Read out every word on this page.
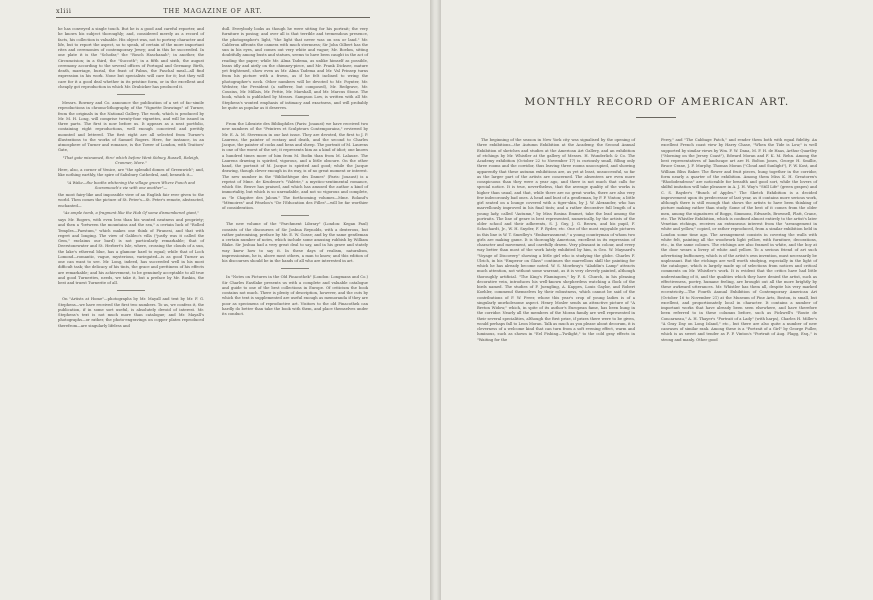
xliii	THE MAGAZINE OF ART.

he has conveyed a single touch. But he is a good and careful reporter, and he knows his subject thoroughly; and, considered merely as a record of facts, his collection is valuable. His object was, not to portray character and life, but to report the aspect, so to speak, of certain of the more important rites and ceremonies of contemporary Jewry; and in this he succeeded. In one plate it is the "Schofar," the "Rosch Haschanah"; in another, the Circumcision; in a third, the "Succoth"; in a fifth and sixth, the august ceremony according to the several offices of Portugal and Germany. Birth, death, marriage, burial, the feast of Palms, the Paschal meal—all find expression in his work. None but specialists will care for it; but they will care for it a good deal whether in its pristine form, or in the excellent and cheaply got reproduction in which Mr. Drabicker has produced it.

Messrs. Rowney and Co. announce the publication of a set of fac-simile reproductions in chromo-lithography of the "Vignette Drawings" of Turner, from the originals in the National Gallery. The work, which is produced by Mr. M. H. Long, will comprise twenty-four vignettes, and will be issued in three parts. The first is now before us. It appears as a neat portfolio, containing eight reproductions, well enough conceived and prettily mounted and lettered. The first eight are all selected from Turner's illustrations to the works of Samuel Rogers. Here, for instance, in an atmosphere of Turner and romance, is the Tower of London, with Traitors' Gate,

"That gate misnamed, thro' which before Went Sidney, Russell, Raleigh, Cranmer, More."

Here, also, a corner of Venice, are "the splendid domes of Greenwich"; and, like nothing earthly, the spire of Salisbury Cathedral, and, beneath it—

"A Wake—the booths whitening the village green Where Punch and Scaramouch's vie with one another"—

the most fairy-like and impossible view of an English fair ever given to the world. Then comes the picture of St. Peter's—St. Peter's remote, abstracted, enchanted—

"As ample tomb, a fragment like the Hub Of some dismembered giant,"

says Mr. Rogers, with even less than his wonted neatness and propriety; and then a "between the mountains and the sea," a certain luck of "Rolled Temples—Paestum," which makes one think of Piranesi, and that with regret and longing. The view of Galileo's villa ("justly was it called the Gem," exclaims our bard) is not particularly remarkable; that of Deerstonewater and St. Herbert's Isle, where, crossing the clouds of a sun, the lake's ethereal blue, has a glamour hard to equal; while that of Loch Lomond—romantic, vague, mysterious, variegated—is as good Turner as one can want to see. Mr. Long, indeed, has succeeded well in his most difficult task; the delicacy of his tints, the grace and prettiness of his effects are remarkable; and his achievement, to be genuinely acceptable to all true and good Turnerites, needs, we take it, but a preface by Mr. Ruskin, the best and truest Turnerite of all.

On "Artists at Home"—photographs by Mr. Mayall and text by Mr. F. G. Stephens—we have received the first two numbers. To us, we confess it, the publication, if in some sort useful, is absolutely devoid of interest. Mr. Stephens's text is not much more than catalogue; and Mr. Mayall's photographs—or rather, the photo-engravings on copper plates reproduced therefrom—are singularly lifeless and

dull. Everybody looks as though he were sitting for his portrait; the very furniture is posing; and over all is that terrible and tremendous presence, the photographer's light, "the light that never was on sea or land." Mr. Calderon affronts the camera with much sternness; Sir John Gilbert has the sun in his eyes, and comes out very white and vague; Mr. Boehm, sitting doubtfully among busts and statues, seems to have been caught in the act of reading the paper; while Mr. Alma Tadema, as unlike himself as possible, leans idly and airily on the chimney-piece, and Mr. Frank Dicksee, mature yet frightened, show even as Mr. Alma Tadema and Mr. Val Prinsep turns from his picture with a frown, as if he felt inclined to wring the photographer's neck. Other numbers will be devoted to Mr. Poynter, Mr. Webster, the President (a sufferer, but composed), Mr. Redgrave, Mr. Cousins, Mr. Millais, Mr. Pettie, Mr. Marshall, and Mr. Marcus Stone. The book, which is published by Messrs. Sampson Low, is written with all Mr. Stephens's wonted emphasis of intimacy and exactness, and will probably be quite as popular as it deserves.

From the Librairie des Bibliophiles (Paris: Jouaust) we have received two new numbers of the "Peintres et Sculpteurs Contemporains," reviewed by Mr. E. A. M. Stevenson in our last issue. They are devoted, the first to J. P. Laurens, the painter of ecstasy and death, and the second to Charles Jacque, the painter of cocks and hens and sheep. The portrait of M. Laurens is one of the worst of the set; it represents him as a kind of idiot; one knows a hundred times more of him from M. Bodin than from M. Lalauze. The Laurens drawing is spirited, vigorous, and a little obscure. On the other hand, the portrait of M. Jacque is spirited and good; while the Jacque drawing, though clever enough in its way, is of no great moment or interest. The new number in the "Bibliothèque des Dames" (Paris: Jouaust) is a reprint of Mme. de Krudener's "Valérie," a mystico-sentimental romance, which Ste. Beuve has praised, and which has amused the author a kind of immortality, but which is so unreadable, and not so vigorous and complete, as "le Chapitre des Jaloux." The forthcoming volumes—Mme. Roland's "Mémoires" and Fénelon's "De l'Education des Filles"—will be far worthier of consideration.

The new volume of the "Parchment Library" (London: Kegan Paul) consists of the discourses of Sir Joshua Reynolds, with a dexterous, but rather patronising, preface by Mr. E. W. Gosse; and by the same gentleman a certain number of notes, which include some amusing rubbish by William Blake. Sir Joshua had a very great deal to say, and in his grave and stately way knew how to say it. In these days of realism, naturalism, impressionism, he is, above most others, a man to know; and this edition of his discourses should be in the hands of all who are interested in art.

In "Notes on Pictures in the Old Pinacothek" (London: Longmans and Co.) Sir Charles Eastlake presents us with a complete and valuable catalogue and guide to one of the best collections in Europe. Of criticism the book contains not much. There is plenty of description, however, and the cuts by which the text is supplemented are useful enough as memoranda if they are poor as specimens of reproductive art. Visitors to the old Pinacothek can hardly do better than take the book with them, and place themselves under its conduct.

MONTHLY RECORD OF AMERICAN ART.

The beginning of the season in New York city was signalised by the opening of three exhibitions—the Autumn Exhibition at the Academy, the Second Annual Exhibition of sketches and studies at the American Art Gallery, and an exhibition of etchings by Mr. Whistler at the gallery of Messrs. H. Wunderlich & Co. The Academy exhibition (October 22 to November 17) is curiously small, filling only three rooms and the corridor, thus leaving three rooms unoccupied, and showing apparently that these autumn exhibitions are, as yet at least, unsuccessful, so far as the larger part of the artists are concerned. The absentees are even more conspicuous than they were a year ago, and there is not much that calls for special notice. It is true, nevertheless, that the average quality of the works is higher than usual, and that, while there are no great works, there are also very few indecorously bad ones. A head and bust of a gentleman, by F. P. Vinton; a little girl seated on a lounge covered with a tiger-skin, by J. W. Alexander, who has marvellously improved in his final tints; and a rather decorative full length of a young lady, called "Autumn," by Miss Rosina Emmet, take the lead among the portraits. The line of genre is best represented, numerically, by the artists of the older school and their adherents, S. J. Guy, J. G. Brown, and his pupil, F. Schuchardt, Jr., W. H. Snyder, F. P. Ryder, etc. One of the most enjoyable pictures in this line is W. T. Smedley's "Embarrassment," a young countryman of whom two girls are making game. It is thoroughly American, excellent in its expression of character and movement, and carefully drawn. Very pleasant in colour, and every way better than most of the work lately exhibited by him, is Geo. W. Maynard's "Voyage of Discovery" showing a little girl who is studying the globe. Charles F. Ulrich, in his "Emperor on Glass" continues the marvellous skill the painting for which he has already become noted. W. S. Mowbray's "Aladdin's Lamp" attracts much attention, not without some warrant, as it is very cleverly painted, although thoroughly artificial. "The King's Flamingoes," by F. S. Church, in his pleasing decorative vein, introduces his well-known shepherdess watching a flock of the birds named. The studies of F. Juengling, A. Kappes, Louis Gaylor, and Robert Koehler, commend themselves by their robustness, which cannot be said of the contributions of F. W. Freer, whose this year's crop of young ladies is of a singularly unwholesome aspect. Henry Mosler sends an attractive picture of "A Breton Widow," which, in spite of its author's European fame, has been hung in the corridor. Nearly all the members of the Moran family are well represented in their several specialities, although the first prize, if prizes there were to be given, would perhaps fall to Leon Moran. Talk as much as you please about decorum, it is cleverness of a welcome kind that can turn from a soft evening effect, warm and luminous, such as shown in "Eel Fishing—Twilight," to the cold gray effects in "Waiting for the

Ferry," and "The Cabbage Patch," and render them both with equal fidelity. An excellent French coast view by Harry Chase, "When the Tide is Low," is well supported by similar views by Wm. F. W. Dana, M. F. H. de Haas, Arthur Quartley ("Morning on the Jersey Coast"), Edward Moran and F. K. M. Rehn. Among the best representatives of landscape art are H. Bolton Jones, George H. Smillie, Bruce Crane, J. F. Murphy, Thomas Moran ("Cloud and Sunlight"), F. W. Kost, and William Bliss Baker. The flower and fruit pieces, hung together in the corridor, form nearly a quarter of the exhibition. Among them Miss K. H. Greatorex's "Rhododendrons" are noticeable for breadth and good sort, while the lovers of skilful imitation will take pleasure in A. J. H. Way's "Still Life" (green grapes) and C. S. Rayder's "Bunch of Apples." The Sketch Exhibition is a decided improvement upon its predecessor of last year, as it contains more serious work, although there is still enough that shows the artists to have been thinking of picture making rather than study. Some of the best of it comes from the older men, among the signatures of Boggs, Simmons, Edwards, Brownell, Platt, Crane, etc. The Whistler Exhibition, which is confined almost entirely to the artist's later Venetian etchings, receives an extraneous interest from the "arrangement in white and yellow," copied, or rather reproduced, from a similar exhibition held in London some time ago. The arrangement consists in covering the walls with white felt, painting all the woodwork light yellow, with furniture, decorations, etc., in the same colours. The etchings are also framed in white, and the boy at the door wears a livery of white and yellow. To a serious friend of art such advertising buffoonery, which is of the artist's own invention, must necessarily be unpleasant. But the etchings are well worth studying, especially in the light of the catalogue, which is largely made up of selections from notices and critical comments on Mr. Whistler's work. It is evident that the critics have had little understanding of it, and the qualities which they have denied the artist, such as effectiveness, poetry, humane feeling, are brought out all the more brightly by these awkward utterances. Mr. Whistler has them all, despite his very marked eccentricity.—The Fourth Annual Exhibition of Contemporary American Art (October 16 to November 21) at the Museum of Fine Arts, Boston, is small, but excellent, and proportionately local in character. It contains a number of important works that have already been seen elsewhere, and have therefore been referred to in these columns before, such as Pickwell's "Route de Concarneau," A. H. Thayer's "Portrait of a Lady" (with harps), Charles H. Miller's "A Gray Day on Long Island," etc., but there are also quite a number of new canvases of similar rank. Among these is a "Portrait of a Girl" by George Fuller, which is as sweet and tender as F. P. Vinton's "Portrait of Aug. Flagg, Esq.," is strong and manly. Other good
